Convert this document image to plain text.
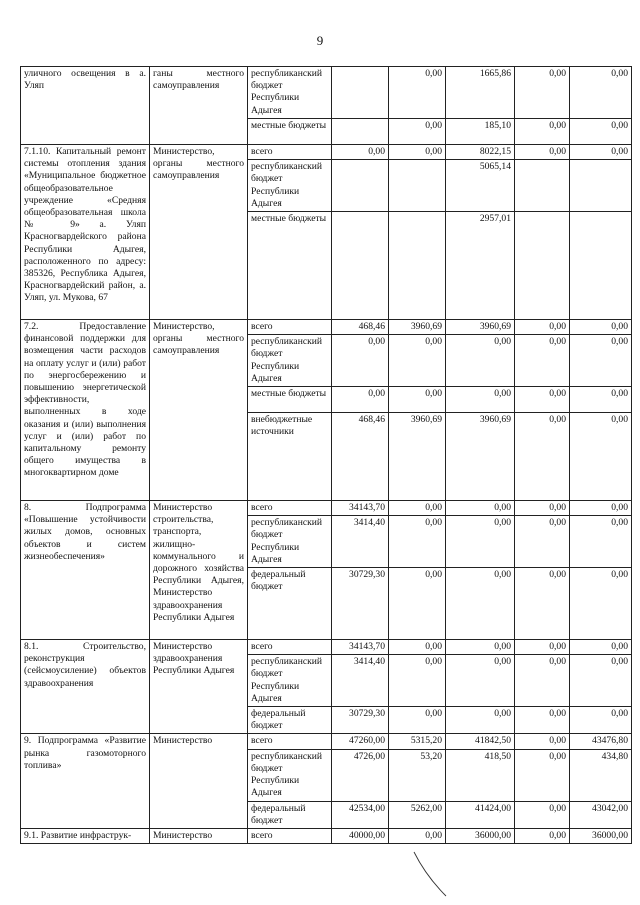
9
уличного освещения в а. Уляп	ганы местного самоуправления	республиканский бюджет Республики Адыгея		0,00	1665,86	0,00	0,00
		местные бюджеты		0,00	185,10	0,00	0,00
7.1.10. Капитальный ремонт системы отопления здания «Муниципальное бюджетное общеобразовательное учреждение «Средняя общеобразовательная школа № 9» а. Уляп Красногвардейского района Республики Адыгея, расположенного по адресу: 385326, Республика Адыгея, Красногвардейский район, а. Уляп, ул. Мукова, 67	Министерство, органы местного самоуправления	всего	0,00	0,00	8022,15	0,00	0,00
		республиканский бюджет Республики Адыгея			5065,14		
		местные бюджеты			2957,01		
7.2. Предоставление финансовой поддержки для возмещения части расходов на оплату услуг и (или) работ по энергосбережению и повышению энергетической эффективности, выполненных в ходе оказания и (или) выполнения услуг и (или) работ по капитальному ремонту общего имущества в многоквартирном доме	Министерство, органы местного самоуправления	всего	468,46	3960,69	3960,69	0,00	0,00
		республиканский бюджет Республики Адыгея	0,00	0,00	0,00	0,00	0,00
		местные бюджеты	0,00	0,00	0,00	0,00	0,00
		внебюджетные источники	468,46	3960,69	3960,69	0,00	0,00
8. Подпрограмма «Повышение устойчивости жилых домов, основных объектов и систем жизнеобеспечения»	Министерство строительства, транспорта, жилищно-коммунального и дорожного хозяйства Республики Адыгея, Министерство здравоохранения Республики Адыгея	всего	34143,70	0,00	0,00	0,00	0,00
		республиканский бюджет Республики Адыгея	3414,40	0,00	0,00	0,00	0,00
		федеральный бюджет	30729,30	0,00	0,00	0,00	0,00
8.1. Строительство, реконструкция (сейсмоусиление) объектов здравоохранения	Министерство здравоохранения Республики Адыгея	всего	34143,70	0,00	0,00	0,00	0,00
		республиканский бюджет Республики Адыгея	3414,40	0,00	0,00	0,00	0,00
		федеральный бюджет	30729,30	0,00	0,00	0,00	0,00
9. Подпрограмма «Развитие рынка газомоторного топлива»	Министерство	всего	47260,00	5315,20	41842,50	0,00	43476,80
		республиканский бюджет Республики Адыгея	4726,00	53,20	418,50	0,00	434,80
		федеральный бюджет	42534,00	5262,00	41424,00	0,00	43042,00
9.1. Развитие инфраструк-	Министерство	всего	40000,00	0,00	36000,00	0,00	36000,00
